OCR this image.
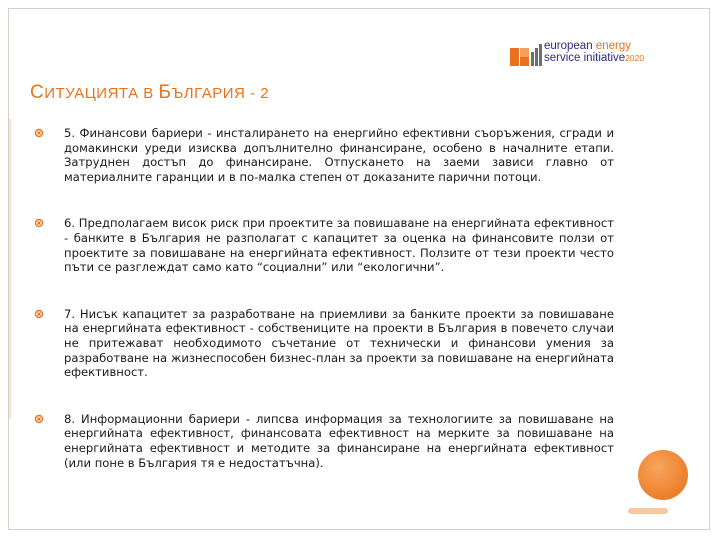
european energy
service initiative2020
СИТУАЦИЯТА В БЪЛГАРИЯ - 2

5. Финансови бариери - инсталирането на енергийно ефективни съоръжения, сгради и домакински уреди изисква допълнително финансиране, особено в началните етапи. Затруднен достъп до финансиране. Отпускането на заеми зависи главно от материалните гаранции и в по-малка степен от доказаните парични потоци.

6. Предполагаем висок риск при проектите за повишаване на енергийната ефективност - банките в България не разполагат с капацитет за оценка на финансовите ползи от проектите за повишаване на енергийната ефективност. Ползите от тези проекти често пъти се разглеждат само като “социални” или “екологични”.

7. Нисък капацитет за разработване на приемливи за банките проекти за повишаване на енергийната ефективност - собствениците на проекти в България в повечето случаи не притежават необходимото съчетание от технически и финансови умения за разработване на жизнеспособен бизнес-план за проекти за повишаване на енергийната ефективност.

8. Информационни бариери - липсва информация за технологиите за повишаване на енергийната ефективност, финансовата ефективност на мерките за повишаване на енергийната ефективност и методите за финансиране на енергийната ефективност (или поне в България тя е недостатъчна).
